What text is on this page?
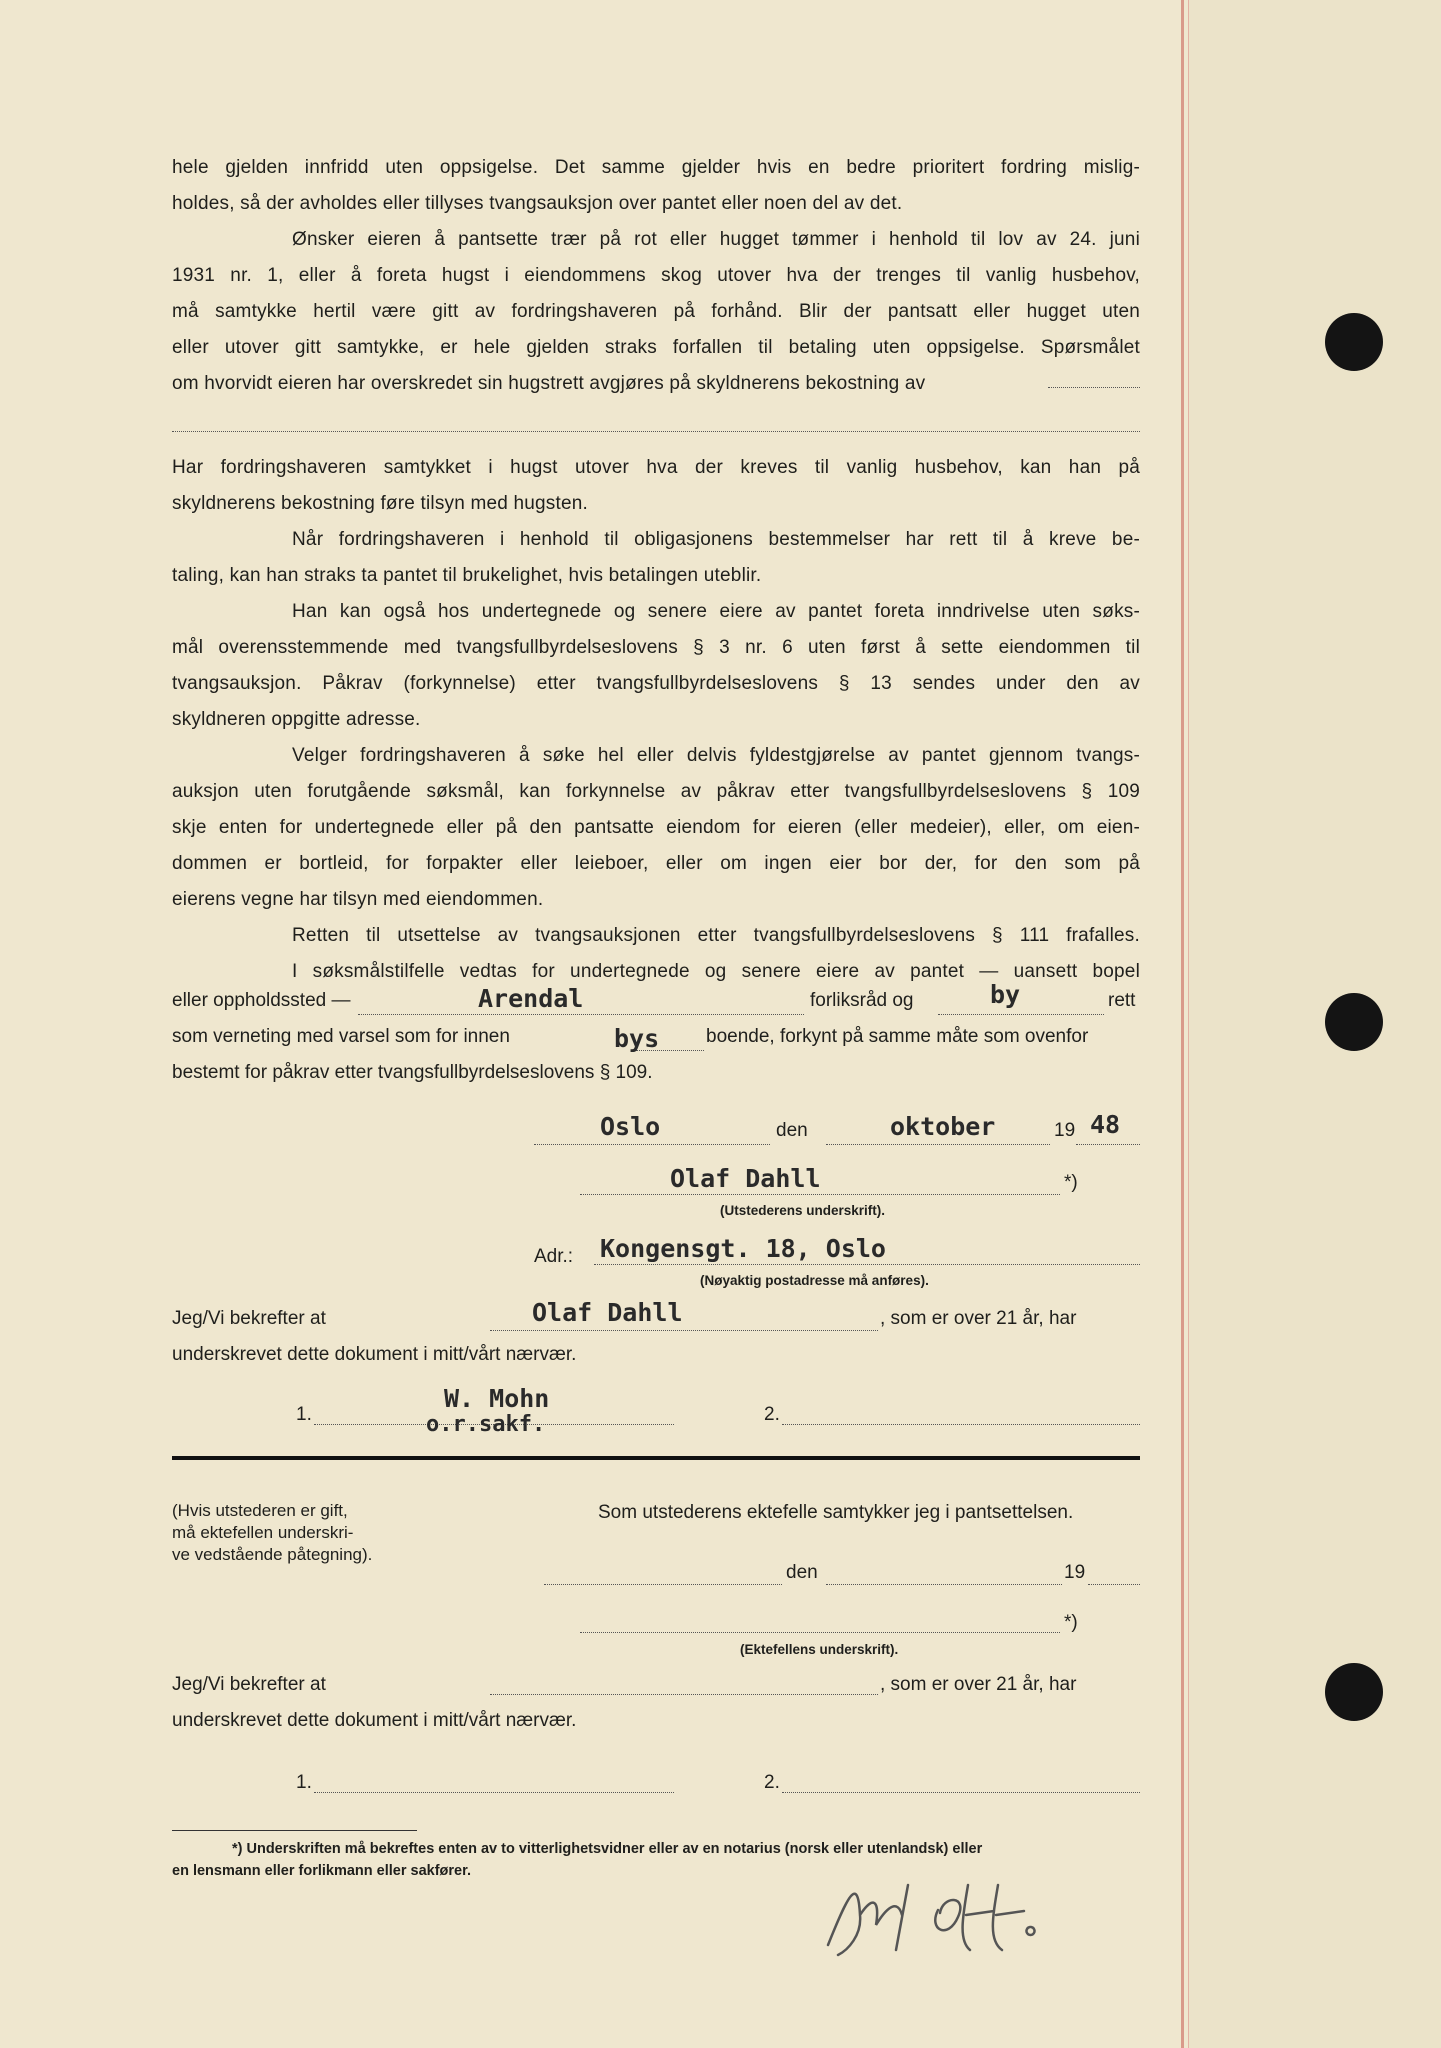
hele gjelden innfridd uten oppsigelse. Det samme gjelder hvis en bedre prioritert fordring mislig-
holdes, så der avholdes eller tillyses tvangsauksjon over pantet eller noen del av det.
Ønsker eieren å pantsette trær på rot eller hugget tømmer i henhold til lov av 24. juni
1931 nr. 1, eller å foreta hugst i eiendommens skog utover hva der trenges til vanlig husbehov,
må samtykke hertil være gitt av fordringshaveren på forhånd. Blir der pantsatt eller hugget uten
eller utover gitt samtykke, er hele gjelden straks forfallen til betaling uten oppsigelse. Spørsmålet
om hvorvidt eieren har overskredet sin hugstrett avgjøres på skyldnerens bekostning av
Har fordringshaveren samtykket i hugst utover hva der kreves til vanlig husbehov, kan han på
skyldnerens bekostning føre tilsyn med hugsten.
Når fordringshaveren i henhold til obligasjonens bestemmelser har rett til å kreve be-
taling, kan han straks ta pantet til brukelighet, hvis betalingen uteblir.
Han kan også hos undertegnede og senere eiere av pantet foreta inndrivelse uten søks-
mål overensstemmende med tvangsfullbyrdelseslovens § 3 nr. 6 uten først å sette eiendommen til
tvangsauksjon. Påkrav (forkynnelse) etter tvangsfullbyrdelseslovens § 13 sendes under den av
skyldneren oppgitte adresse.
Velger fordringshaveren å søke hel eller delvis fyldestgjørelse av pantet gjennom tvangs-
auksjon uten forutgående søksmål, kan forkynnelse av påkrav etter tvangsfullbyrdelseslovens § 109
skje enten for undertegnede eller på den pantsatte eiendom for eieren (eller medeier), eller, om eien-
dommen er bortleid, for forpakter eller leieboer, eller om ingen eier bor der, for den som på
eierens vegne har tilsyn med eiendommen.
Retten til utsettelse av tvangsauksjonen etter tvangsfullbyrdelseslovens § 111 frafalles.
I søksmålstilfelle vedtas for undertegnede og senere eiere av pantet — uansett bopel
eller oppholdssted —	Arendal	forliksråd og	by	rett
som verneting med varsel som for innen	bys boende, forkynt på samme måte som ovenfor
bestemt for påkrav etter tvangsfullbyrdelseslovens § 109.
Oslo	den	oktober	19 48
Olaf Dahll	*)
(Utstederens underskrift).
Adr.: Kongensgt. 18, Oslo
(Nøyaktig postadresse må anføres).
Jeg/Vi bekrefter at	Olaf Dahll	, som er over 21 år, har
underskrevet dette dokument i mitt/vårt nærvær.
1.
W. Mohn
o.r.sakf.	2.
(Hvis utstederen er gift,
må ektefellen underskri-
ve vedstående påtegning).
Som utstederens ektefelle samtykker jeg i pantsettelsen.
den	19
*)
(Ektefellens underskrift).
Jeg/Vi bekrefter at	, som er over 21 år, har
underskrevet dette dokument i mitt/vårt nærvær.
1.	2.
*) Underskriften må bekreftes enten av to vitterlighetsvidner eller av en notarius (norsk eller utenlandsk) eller
en lensmann eller forlikmann eller sakfører.
